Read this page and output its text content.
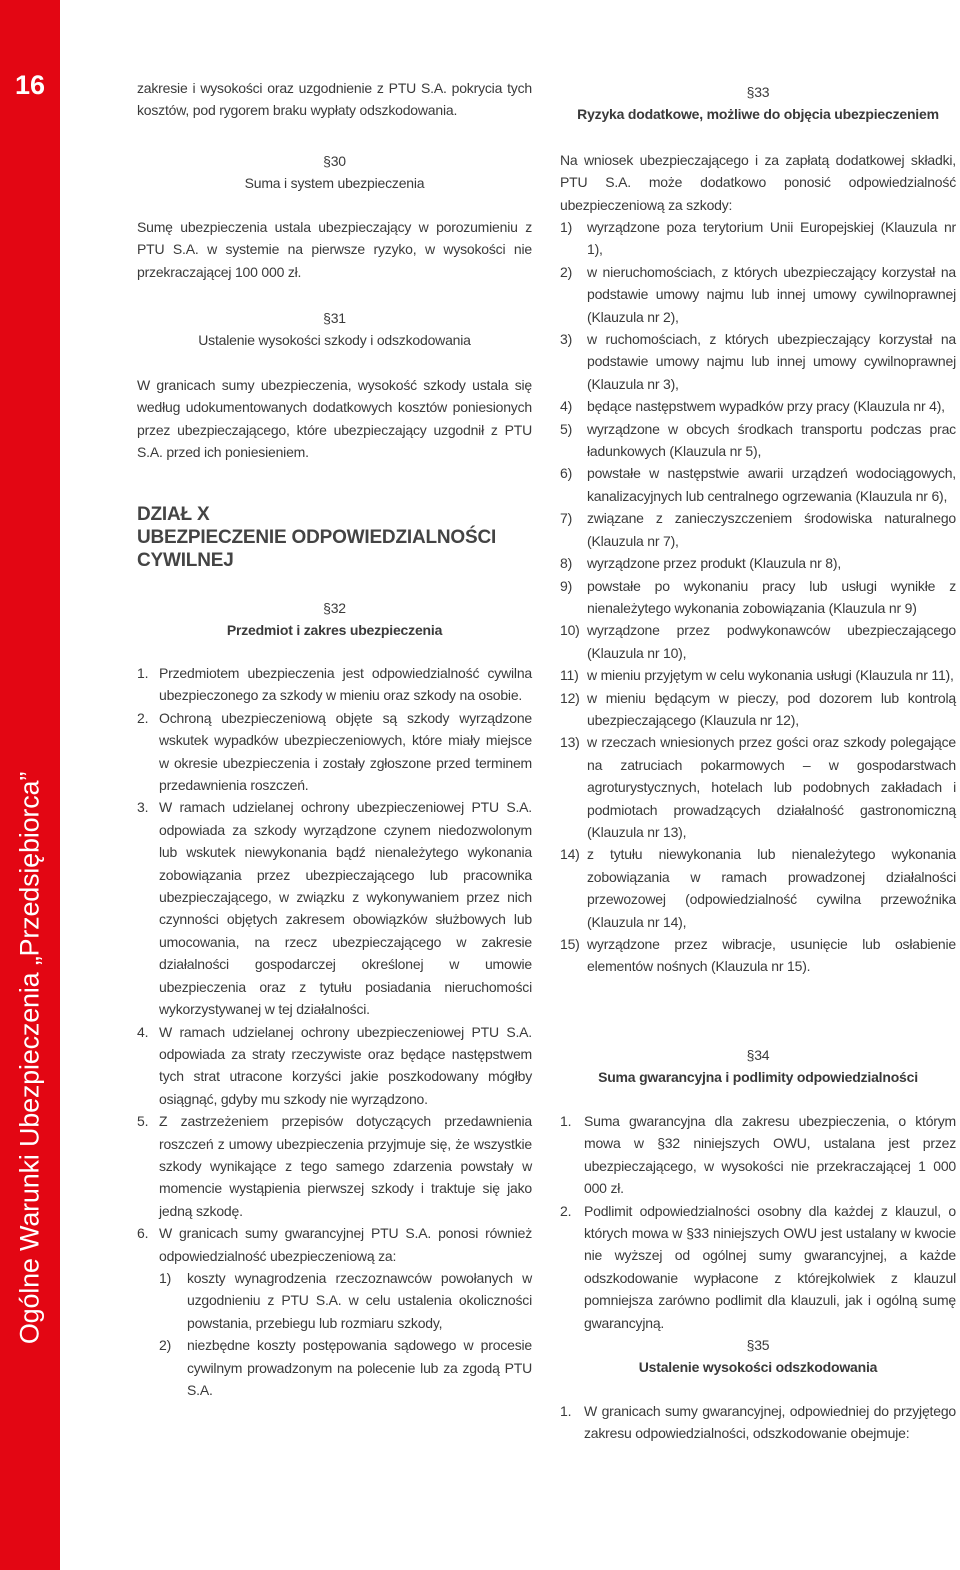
16
Ogólne Warunki Ubezpieczenia „Przedsiębiorca”
zakresie i wysokości oraz uzgodnienie z PTU S.A. pokrycia tych kosztów, pod rygorem braku wypłaty odszkodowania.
§30
Suma i system ubezpieczenia
Sumę ubezpieczenia ustala ubezpieczający w porozumieniu z PTU S.A. w systemie na pierwsze ryzyko, w wysokości nie przekraczającej 100 000 zł.
§31
Ustalenie wysokości szkody i odszkodowania
W granicach sumy ubezpieczenia, wysokość szkody ustala się według udokumentowanych dodatkowych kosztów poniesionych przez ubezpieczającego, które ubezpieczający uzgodnił z PTU S.A. przed ich poniesieniem.
DZIAŁ X
UBEZPIECZENIE ODPOWIEDZIALNOŚCI
CYWILNEJ
§32
Przedmiot i zakres ubezpieczenia
1. Przedmiotem ubezpieczenia jest odpowiedzialność cywilna ubezpieczonego za szkody w mieniu oraz szkody na osobie.
2. Ochroną ubezpieczeniową objęte są szkody wyrządzone wskutek wypadków ubezpieczeniowych, które miały miejsce w okresie ubezpieczenia i zostały zgłoszone przed terminem przedawnienia roszczeń.
3. W ramach udzielanej ochrony ubezpieczeniowej PTU S.A. odpowiada za szkody wyrządzone czynem niedozwolonym lub wskutek niewykonania bądź nienależytego wykonania zobowiązania przez ubezpieczającego lub pracownika ubezpieczającego, w związku z wykonywaniem przez nich czynności objętych zakresem obowiązków służbowych lub umocowania, na rzecz ubezpieczającego w zakresie działalności gospodarczej określonej w umowie ubezpieczenia oraz z tytułu posiadania nieruchomości wykorzystywanej w tej działalności.
4. W ramach udzielanej ochrony ubezpieczeniowej PTU S.A. odpowiada za straty rzeczywiste oraz będące następstwem tych strat utracone korzyści jakie poszkodowany mógłby osiągnąć, gdyby mu szkody nie wyrządzono.
5. Z zastrzeżeniem przepisów dotyczących przedawnienia roszczeń z umowy ubezpieczenia przyjmuje się, że wszystkie szkody wynikające z tego samego zdarzenia powstały w momencie wystąpienia pierwszej szkody i traktuje się jako jedną szkodę.
6. W granicach sumy gwarancyjnej PTU S.A. ponosi również odpowiedzialność ubezpieczeniową za:
1) koszty wynagrodzenia rzeczoznawców powołanych w uzgodnieniu z PTU S.A. w celu ustalenia okoliczności powstania, przebiegu lub rozmiaru szkody,
2) niezbędne koszty postępowania sądowego w procesie cywilnym prowadzonym na polecenie lub za zgodą PTU S.A.
§33
Ryzyka dodatkowe, możliwe do objęcia ubezpieczeniem
Na wniosek ubezpieczającego i za zapłatą dodatkowej składki, PTU S.A. może dodatkowo ponosić odpowiedzialność ubezpieczeniową za szkody:
1) wyrządzone poza terytorium Unii Europejskiej (Klauzula nr 1),
2) w nieruchomościach, z których ubezpieczający korzystał na podstawie umowy najmu lub innej umowy cywilnoprawnej (Klauzula nr 2),
3) w ruchomościach, z których ubezpieczający korzystał na podstawie umowy najmu lub innej umowy cywilnoprawnej (Klauzula nr 3),
4) będące następstwem wypadków przy pracy (Klauzula nr 4),
5) wyrządzone w obcych środkach transportu podczas prac ładunkowych (Klauzula nr 5),
6) powstałe w następstwie awarii urządzeń wodociągowych, kanalizacyjnych lub centralnego ogrzewania (Klauzula nr 6),
7) związane z zanieczyszczeniem środowiska naturalnego (Klauzula nr 7),
8) wyrządzone przez produkt (Klauzula nr 8),
9) powstałe po wykonaniu pracy lub usługi wynikłe z nienależytego wykonania zobowiązania (Klauzula nr 9)
10) wyrządzone przez podwykonawców ubezpieczającego (Klauzula nr 10),
11) w mieniu przyjętym w celu wykonania usługi (Klauzula nr 11),
12) w mieniu będącym w pieczy, pod dozorem lub kontrolą ubezpieczającego (Klauzula nr 12),
13) w rzeczach wniesionych przez gości oraz szkody polegające na zatruciach pokarmowych – w gospodarstwach agroturystycznych, hotelach lub podobnych zakładach i podmiotach prowadzących działalność gastronomiczną (Klauzula nr 13),
14) z tytułu niewykonania lub nienależytego wykonania zobowiązania w ramach prowadzonej działalności przewozowej (odpowiedzialność cywilna przewoźnika (Klauzula nr 14),
15) wyrządzone przez wibracje, usunięcie lub osłabienie elementów nośnych (Klauzula nr 15).
§34
Suma gwarancyjna i podlimity odpowiedzialności
1. Suma gwarancyjna dla zakresu ubezpieczenia, o którym mowa w §32 niniejszych OWU, ustalana jest przez ubezpieczającego, w wysokości nie przekraczającej 1 000 000 zł.
2. Podlimit odpowiedzialności osobny dla każdej z klauzul, o których mowa w §33 niniejszych OWU jest ustalany w kwocie nie wyższej od ogólnej sumy gwarancyjnej, a każde odszkodowanie wypłacone z którejkolwiek z klauzul pomniejsza zarówno podlimit dla klauzuli, jak i ogólną sumę gwarancyjną.
§35
Ustalenie wysokości odszkodowania
1. W granicach sumy gwarancyjnej, odpowiedniej do przyjętego zakresu odpowiedzialności, odszkodowanie obejmuje:
